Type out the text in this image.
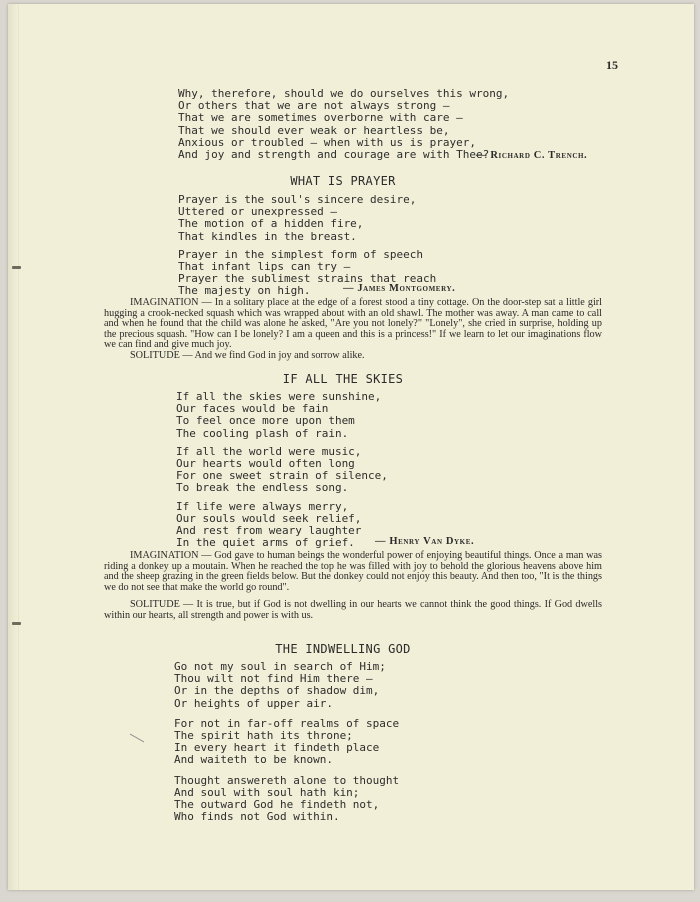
15

Why, therefore, should we do ourselves this wrong,

Or others that we are not always strong —

That we are sometimes overborne with care —

That we should ever weak or heartless be,

Anxious or troubled — when with us is prayer,

And joy and strength and courage are with Thee?

— Richard C. Trench.
WHAT IS PRAYER

Prayer is the soul's sincere desire,

Uttered or unexpressed —

The motion of a hidden fire,

That kindles in the breast.

Prayer in the simplest form of speech

That infant lips can try —

Prayer the sublimest strains that reach

The majesty on high.	— James Montgomery.

IMAGINATION — In a solitary place at the edge of a forest stood a tiny cottage. On the door-step sat a little girl hugging a crook-necked squash which was wrapped about with an old shawl. The mother was away. A man came to call and when he found that the child was alone he asked, "Are you not lonely?" "Lonely", she cried in surprise, holding up the precious squash. "How can I be lonely? I am a queen and this is a princess!" If we learn to let our imaginations flow we can find and give much joy.

SOLITUDE — And we find God in joy and sorrow alike.

IF ALL THE SKIES

If all the skies were sunshine,

Our faces would be fain

To feel once more upon them

The cooling plash of rain.

If all the world were music,

Our hearts would often long

For one sweet strain of silence,

To break the endless song.

If life were always merry,

Our souls would seek relief,

And rest from weary laughter

In the quiet arms of grief.	— Henry Van Dyke.

IMAGINATION — God gave to human beings the wonderful power of enjoying beautiful things. Once a man was riding a donkey up a moutain. When he reached the top he was filled with joy to behold the glorious heavens above him and the sheep grazing in the green fields below. But the donkey could not enjoy this beauty. And then too, "It is the things we do not see that make the world go round".

SOLITUDE — It is true, but if God is not dwelling in our hearts we cannot think the good things. If God dwells within our hearts, all strength and power is with us.

THE INDWELLING GOD

Go not my soul in search of Him;

Thou wilt not find Him there —

Or in the depths of shadow dim,

Or heights of upper air.

For not in far-off realms of space

The spirit hath its throne;

In every heart it findeth place

And waiteth to be known.

Thought answereth alone to thought

And soul with soul hath kin;

The outward God he findeth not,

Who finds not God within.
